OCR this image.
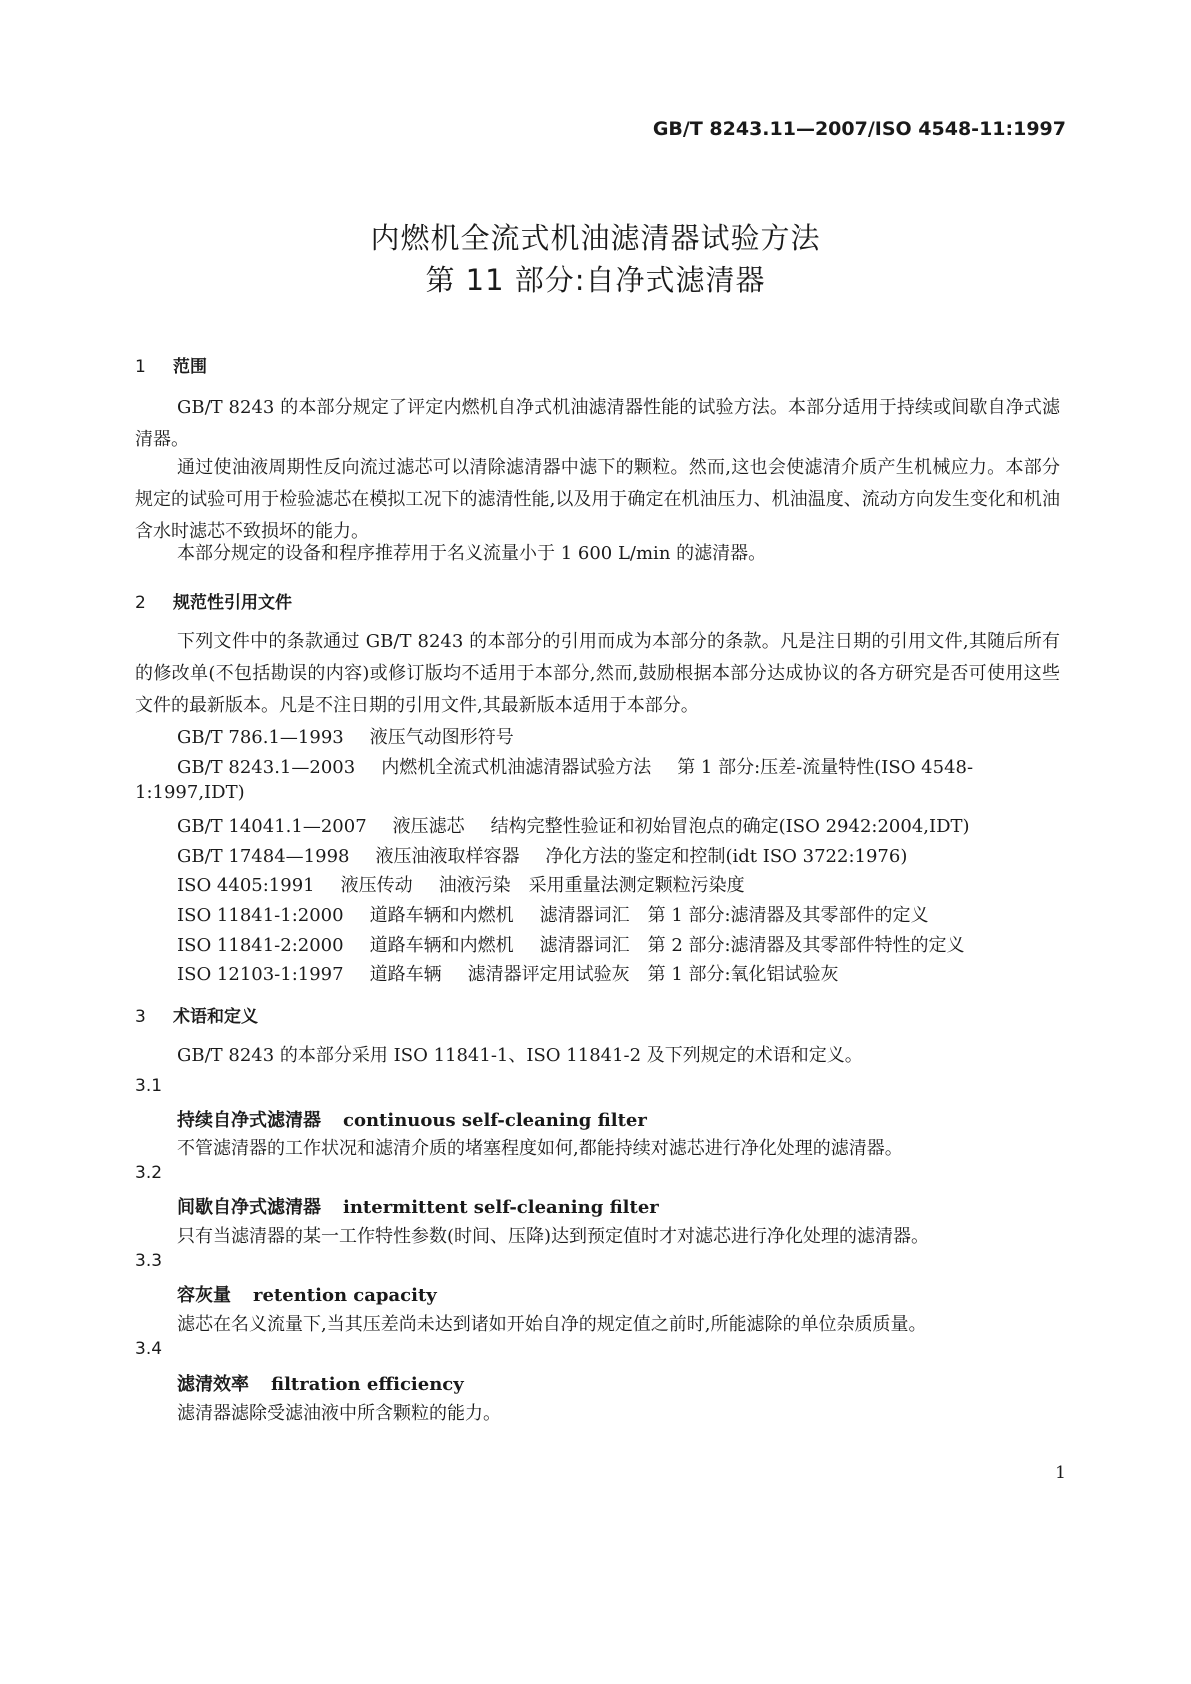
GB/T 8243.11—2007/ISO 4548-11:1997
内燃机全流式机油滤清器试验方法
第 11 部分:自净式滤清器
1 范围
GB/T 8243 的本部分规定了评定内燃机自净式机油滤清器性能的试验方法。本部分适用于持续或间歇自净式滤清器。
通过使油液周期性反向流过滤芯可以清除滤清器中滤下的颗粒。然而,这也会使滤清介质产生机械应力。本部分规定的试验可用于检验滤芯在模拟工况下的滤清性能,以及用于确定在机油压力、机油温度、流动方向发生变化和机油含水时滤芯不致损坏的能力。
本部分规定的设备和程序推荐用于名义流量小于 1 600 L/min 的滤清器。
2 规范性引用文件
下列文件中的条款通过 GB/T 8243 的本部分的引用而成为本部分的条款。凡是注日期的引用文件,其随后所有的修改单(不包括勘误的内容)或修订版均不适用于本部分,然而,鼓励根据本部分达成协议的各方研究是否可使用这些文件的最新版本。凡是不注日期的引用文件,其最新版本适用于本部分。
GB/T 786.1—1993 液压气动图形符号
GB/T 8243.1—2003 内燃机全流式机油滤清器试验方法 第 1 部分:压差-流量特性(ISO 4548-
1:1997,IDT)
GB/T 14041.1—2007 液压滤芯 结构完整性验证和初始冒泡点的确定(ISO 2942:2004,IDT)
GB/T 17484—1998 液压油液取样容器 净化方法的鉴定和控制(idt ISO 3722:1976)
ISO 4405:1991 液压传动 油液污染　采用重量法测定颗粒污染度
ISO 11841-1:2000 道路车辆和内燃机 滤清器词汇　第 1 部分:滤清器及其零部件的定义
ISO 11841-2:2000 道路车辆和内燃机 滤清器词汇　第 2 部分:滤清器及其零部件特性的定义
ISO 12103-1:1997 道路车辆 滤清器评定用试验灰　第 1 部分:氧化铝试验灰
3 术语和定义
GB/T 8243 的本部分采用 ISO 11841-1、ISO 11841-2 及下列规定的术语和定义。
3.1
持续自净式滤清器 continuous self-cleaning filter
不管滤清器的工作状况和滤清介质的堵塞程度如何,都能持续对滤芯进行净化处理的滤清器。
3.2
间歇自净式滤清器 intermittent self-cleaning filter
只有当滤清器的某一工作特性参数(时间、压降)达到预定值时才对滤芯进行净化处理的滤清器。
3.3
容灰量 retention capacity
滤芯在名义流量下,当其压差尚未达到诸如开始自净的规定值之前时,所能滤除的单位杂质质量。
3.4
滤清效率 filtration efficiency
滤清器滤除受滤油液中所含颗粒的能力。
1
